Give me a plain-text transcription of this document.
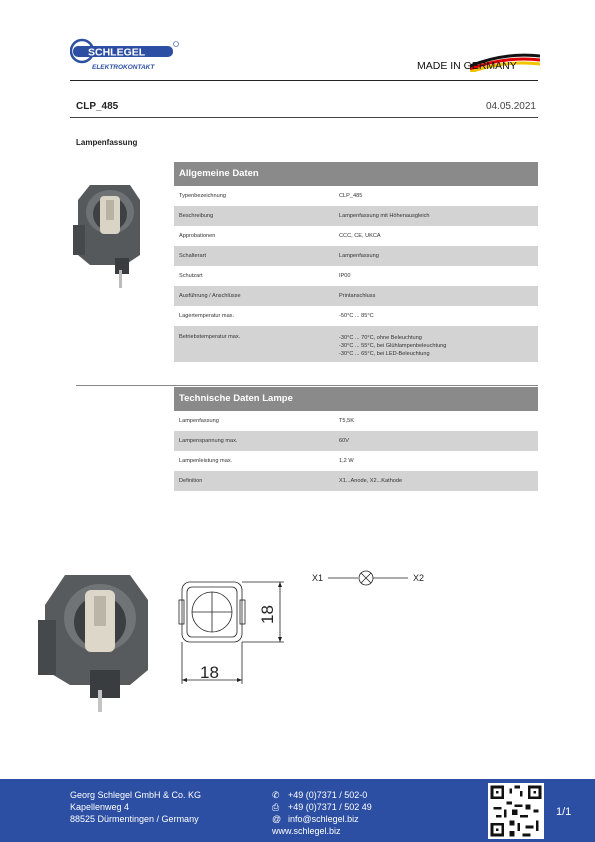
SCHLEGEL
ELEKTROKONTAKT	MADE IN GERMANY
CLP_485	04.05.2021
Lampenfassung
Allgemeine Daten
Typenbezeichnung	CLP_485
Beschreibung	Lampenfassung mit Höhenausgleich
Approbationen	CCC, CE, UKCA
Schalterart	Lampenfassung
Schutzart	IP00
Ausführung / Anschlüsse	Printanschluss
Lagertemperatur max.	-50°C ... 85°C
Betriebstemperatur max.	-30°C ... 70°C, ohne Beleuchtung
-30°C ... 55°C, bei Glühlampenbeleuchtung
-30°C ... 65°C, bei LED-Beleuchtung
Technische Daten Lampe
Lampenfassung	T5,5K
Lampenspannung max.	60V
Lampenleistung max.	1,2 W
Definition	X1...Anode, X2...Kathode
18
18
X1	X2
Georg Schlegel GmbH & Co. KG
Kapellenweg 4
88525 Dürmentingen / Germany
✆ +49 (0)7371 / 502-0
⎙ +49 (0)7371 / 502 49
@ info@schlegel.biz
www.schlegel.biz
1/1
